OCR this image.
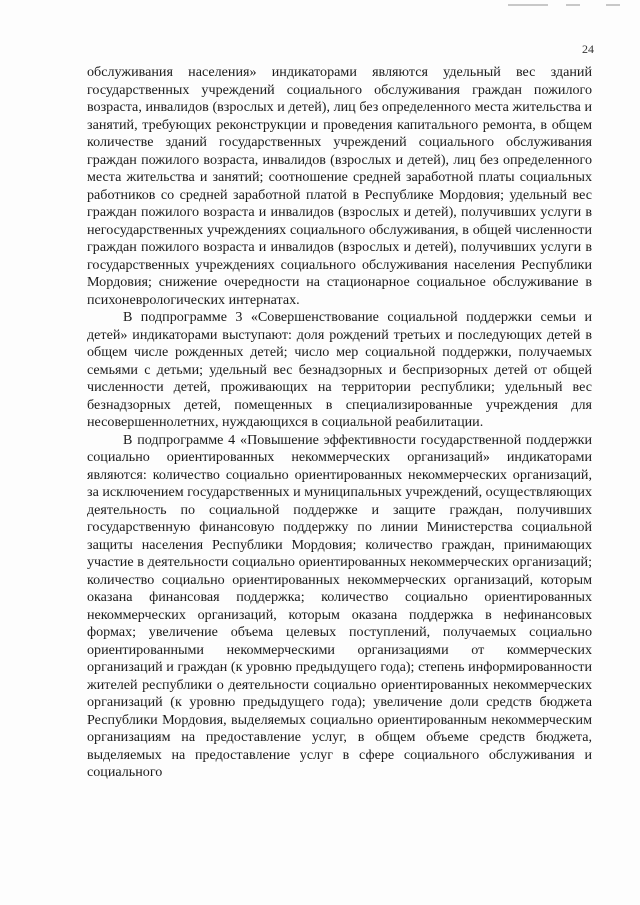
24

обслуживания населения» индикаторами являются удельный вес зданий государственных учреждений социального обслуживания граждан пожилого возраста, инвалидов (взрослых и детей), лиц без определенного места жительства и занятий, требующих реконструкции и проведения капитального ремонта, в общем количестве зданий государственных учреждений социального обслуживания граждан пожилого возраста, инвалидов (взрослых и детей), лиц без определенного места жительства и занятий; соотношение средней заработной платы социальных работников со средней заработной платой в Республике Мордовия; удельный вес граждан пожилого возраста и инвалидов (взрослых и детей), получивших услуги в негосударственных учреждениях социального обслуживания, в общей численности граждан пожилого возраста и инвалидов (взрослых и детей), получивших услуги в государственных учреждениях социального обслуживания населения Республики Мордовия; снижение очередности на стационарное социальное обслуживание в психоневрологических интернатах.

В подпрограмме 3 «Совершенствование социальной поддержки семьи и детей» индикаторами выступают: доля рождений третьих и последующих детей в общем числе рожденных детей; число мер социальной поддержки, получаемых семьями с детьми; удельный вес безнадзорных и беспризорных детей от общей численности детей, проживающих на территории республики; удельный вес безнадзорных детей, помещенных в специализированные учреждения для несовершеннолетних, нуждающихся в социальной реабилитации.

В подпрограмме 4 «Повышение эффективности государственной поддержки социально ориентированных некоммерческих организаций» индикаторами являются: количество социально ориентированных некоммерческих организаций, за исключением государственных и муниципальных учреждений, осуществляющих деятельность по социальной поддержке и защите граждан, получивших государственную финансовую поддержку по линии Министерства социальной защиты населения Республики Мордовия; количество граждан, принимающих участие в деятельности социально ориентированных некоммерческих организаций; количество социально ориентированных некоммерческих организаций, которым оказана финансовая поддержка; количество социально ориентированных некоммерческих организаций, которым оказана поддержка в нефинансовых формах; увеличение объема целевых поступлений, получаемых социально ориентированными некоммерческими организациями от коммерческих организаций и граждан (к уровню предыдущего года); степень информированности жителей республики о деятельности социально ориентированных некоммерческих организаций (к уровню предыдущего года); увеличение доли средств бюджета Республики Мордовия, выделяемых социально ориентированным некоммерческим организациям на предоставление услуг, в общем объеме средств бюджета, выделяемых на предоставление услуг в сфере социального обслуживания и социального
